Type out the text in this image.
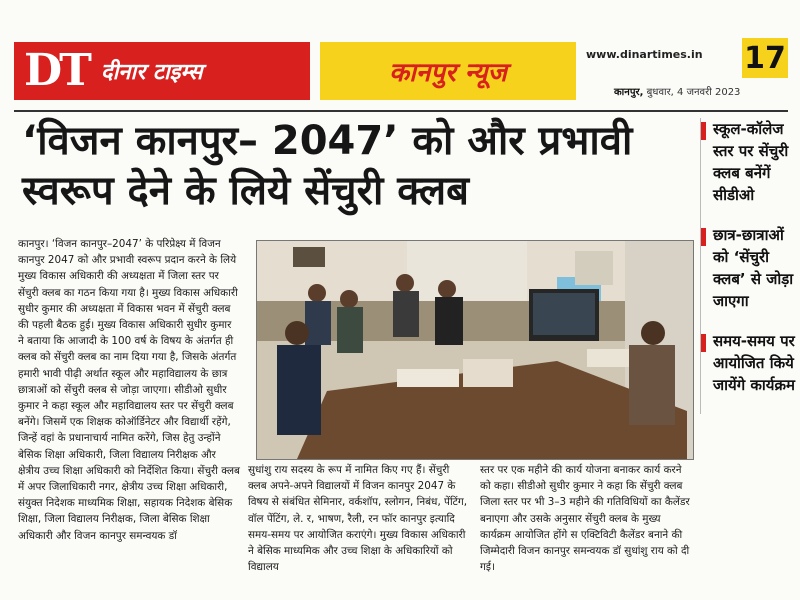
DT दीनार टाइम्स	कानपुर न्यूज
www.dinartimes.in
कानपुर, बुधवार, 4 जनवरी 2023
17
‘विजन कानपुर– 2047’ को और प्रभावी
स्वरूप देने के लिये सेंचुरी क्लब

कानपुर। ‘विजन कानपुर–2047’ के परिप्रेक्ष्य में विजन कानपुर 2047 को और प्रभावी स्वरूप प्रदान करने के लिये मुख्य विकास अधिकारी की अध्यक्षता में जिला स्तर पर सेंचुरी क्लब का गठन किया गया है। मुख्य विकास अधिकारी सुधीर कुमार की अध्यक्षता में विकास भवन में सेंचुरी क्लब की पहली बैठक हुई। मुख्य विकास अधिकारी सुधीर कुमार ने बताया कि आजादी के 100 वर्ष के विषय के अंतर्गत ही क्लब को सेंचुरी क्लब का नाम दिया गया है, जिसके अंतर्गत हमारी भावी पीढ़ी अर्थात स्कूल और महाविद्यालय के छात्र छात्राओं को सेंचुरी क्लब से जोड़ा जाएगा। सीडीओ सुधीर कुमार ने कहा स्कूल और महाविद्यालय स्तर पर सेंचुरी क्लब बनेंगे। जिसमें एक शिक्षक कोऑर्डिनेटर और विद्यार्थी रहेंगे, जिन्हें वहां के प्रधानाचार्य नामित करेंगे, जिस हेतु उन्होंने बेसिक शिक्षा अधिकारी, जिला विद्यालय निरीक्षक और क्षेत्रीय उच्च शिक्षा अधिकारी को निर्देशित किया। सेंचुरी क्लब में अपर जिलाधिकारी नगर, क्षेत्रीय उच्च शिक्षा अधिकारी, संयुक्त निदेशक माध्यमिक शिक्षा, सहायक निदेशक बेसिक शिक्षा, जिला विद्यालय निरीक्षक, जिला बेसिक शिक्षा अधिकारी और विजन कानपुर समन्वयक डॉ

सुधांशु राय सदस्य के रूप में नामित किए गए हैं। सेंचुरी क्लब अपने-अपने विद्यालयों में विजन कानपुर 2047 के विषय से संबंधित सेमिनार, वर्कशॉप, स्लोगन, निबंध, पेंटिंग, वॉल पेंटिंग, ले. र, भाषण, रैली, रन फॉर कानपुर इत्यादि समय-समय पर आयोजित कराएंगे। मुख्य विकास अधिकारी ने बेसिक माध्यमिक और उच्च शिक्षा के अधिकारियों को विद्यालय

स्तर पर एक महीने की कार्य योजना बनाकर कार्य करने को कहा। सीडीओ सुधीर कुमार ने कहा कि सेंचुरी क्लब जिला स्तर पर भी 3–3 महीने की गतिविधियों का कैलेंडर बनाएगा और उसके अनुसार सेंचुरी क्लब के मुख्य कार्यक्रम आयोजित होंगे स एक्टिविटी कैलेंडर बनाने की जिम्मेदारी विजन कानपुर समन्वयक डॉ सुधांशु राय को दी गई।

स्कूल-कॉलेज स्तर पर सेंचुरी क्लब बनेंगें सीडीओ
छात्र-छात्राओं को ‘सेंचुरी क्लब’ से जोड़ा जाएगा
समय-समय पर आयोजित किये जायेंगे कार्यक्रम
